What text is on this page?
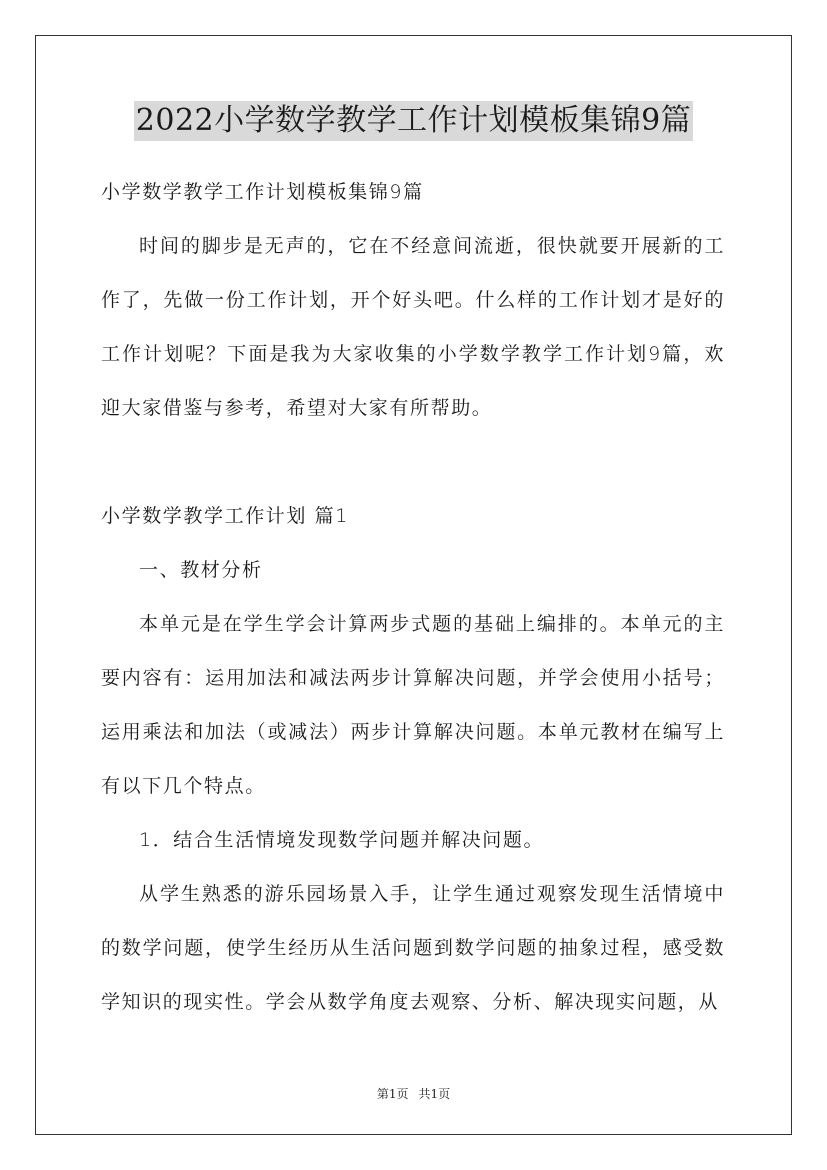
2022小学数学教学工作计划模板集锦9篇

小学数学教学工作计划模板集锦9篇

时间的脚步是无声的，它在不经意间流逝，很快就要开展新的工作了，先做一份工作计划，开个好头吧。什么样的工作计划才是好的工作计划呢？下面是我为大家收集的小学数学教学工作计划9篇，欢迎大家借鉴与参考，希望对大家有所帮助。

小学数学教学工作计划 篇1

一、教材分析

本单元是在学生学会计算两步式题的基础上编排的。本单元的主要内容有：运用加法和减法两步计算解决问题，并学会使用小括号；运用乘法和加法（或减法）两步计算解决问题。本单元教材在编写上有以下几个特点。

1．结合生活情境发现数学问题并解决问题。

从学生熟悉的游乐园场景入手，让学生通过观察发现生活情境中的数学问题，使学生经历从生活问题到数学问题的抽象过程，感受数学知识的现实性。学会从数学角度去观察、分析、解决现实问题，从

第1页 共1页
